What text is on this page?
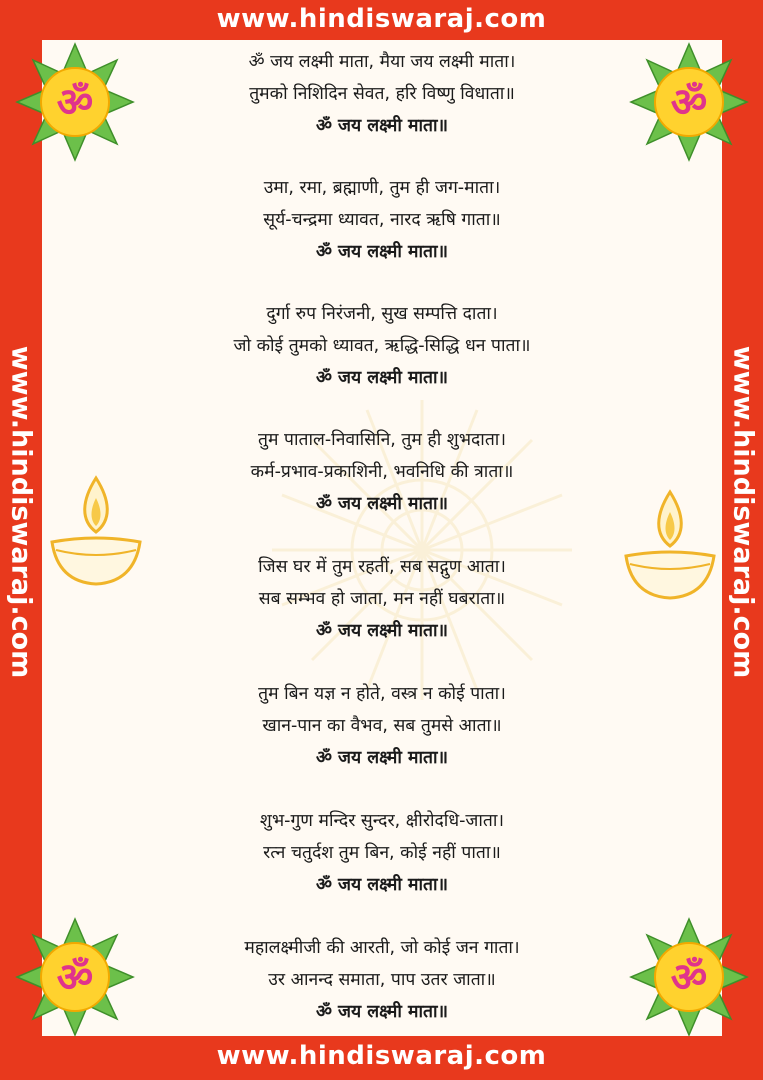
www.hindiswaraj.com
www.hindiswaraj.com
www.hindiswaraj.com	www.hindiswaraj.com
ॐ	ॐ
ॐ	ॐ
ॐ जय लक्ष्मी माता, मैया जय लक्ष्मी माता।
तुमको निशिदिन सेवत, हरि विष्णु विधाता॥
ॐ जय लक्ष्मी माता॥
उमा, रमा, ब्रह्माणी, तुम ही जग-माता।
सूर्य-चन्द्रमा ध्यावत, नारद ऋषि गाता॥
ॐ जय लक्ष्मी माता॥
दुर्गा रुप निरंजनी, सुख सम्पत्ति दाता।
जो कोई तुमको ध्यावत, ऋद्धि-सिद्धि धन पाता॥
ॐ जय लक्ष्मी माता॥
तुम पाताल-निवासिनि, तुम ही शुभदाता।
कर्म-प्रभाव-प्रकाशिनी, भवनिधि की त्राता॥
ॐ जय लक्ष्मी माता॥
जिस घर में तुम रहतीं, सब सद्गुण आता।
सब सम्भव हो जाता, मन नहीं घबराता॥
ॐ जय लक्ष्मी माता॥
तुम बिन यज्ञ न होते, वस्त्र न कोई पाता।
खान-पान का वैभव, सब तुमसे आता॥
ॐ जय लक्ष्मी माता॥
शुभ-गुण मन्दिर सुन्दर, क्षीरोदधि-जाता।
रत्न चतुर्दश तुम बिन, कोई नहीं पाता॥
ॐ जय लक्ष्मी माता॥
महालक्ष्मीजी की आरती, जो कोई जन गाता।
उर आनन्द समाता, पाप उतर जाता॥
ॐ जय लक्ष्मी माता॥
